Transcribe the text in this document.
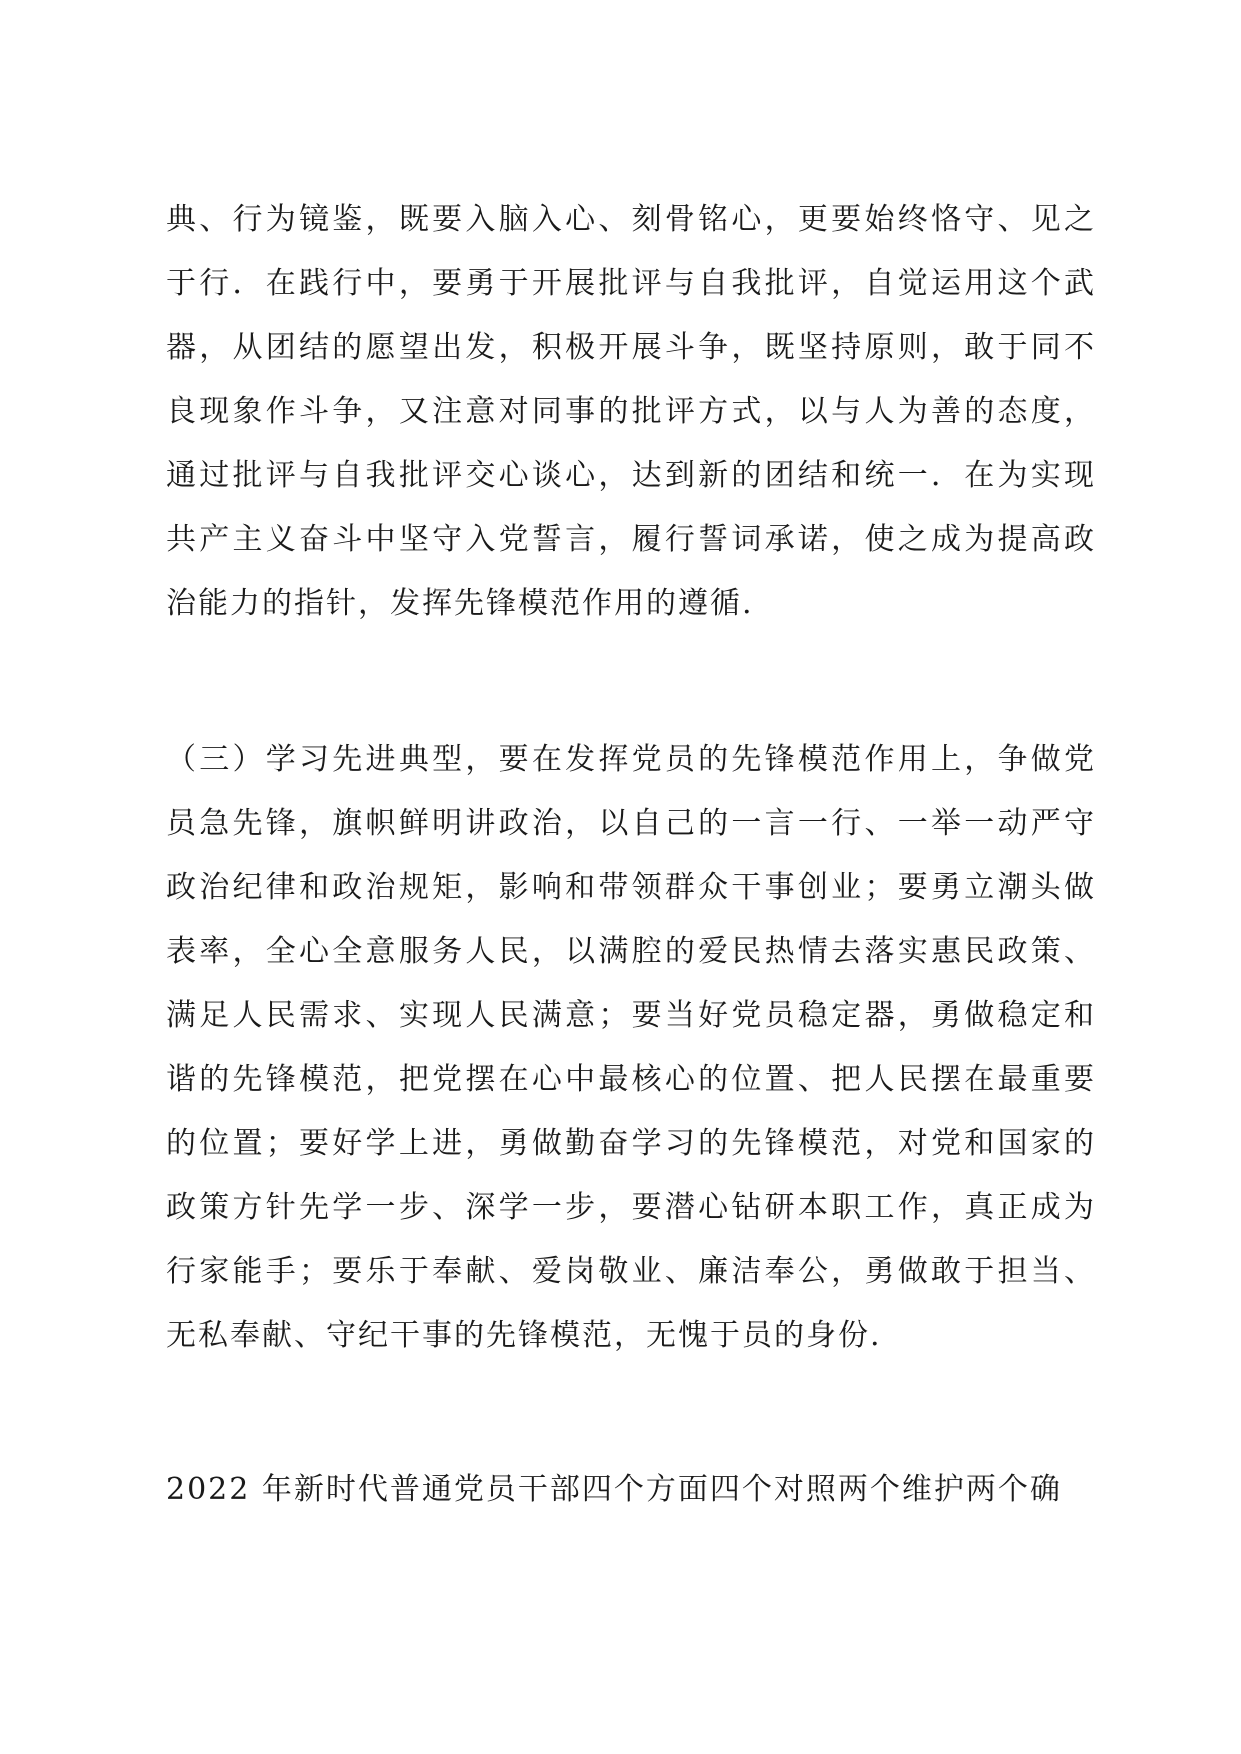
典、行为镜鉴，既要入脑入心、刻骨铭心，更要始终恪守、见之
于行．在践行中，要勇于开展批评与自我批评，自觉运用这个武
器，从团结的愿望出发，积极开展斗争，既坚持原则，敢于同不
良现象作斗争，又注意对同事的批评方式，以与人为善的态度，
通过批评与自我批评交心谈心，达到新的团结和统一．在为实现
共产主义奋斗中坚守入党誓言，履行誓词承诺，使之成为提高政
治能力的指针，发挥先锋模范作用的遵循.
（三）学习先进典型，要在发挥党员的先锋模范作用上，争做党
员急先锋，旗帜鲜明讲政治，以自己的一言一行、一举一动严守
政治纪律和政治规矩，影响和带领群众干事创业；要勇立潮头做
表率，全心全意服务人民，以满腔的爱民热情去落实惠民政策、
满足人民需求、实现人民满意；要当好党员稳定器，勇做稳定和
谐的先锋模范，把党摆在心中最核心的位置、把人民摆在最重要
的位置；要好学上进，勇做勤奋学习的先锋模范，对党和国家的
政策方针先学一步、深学一步，要潜心钻研本职工作，真正成为
行家能手；要乐于奉献、爱岗敬业、廉洁奉公，勇做敢于担当、
无私奉献、守纪干事的先锋模范，无愧于员的身份.
2022 年新时代普通党员干部四个方面四个对照两个维护两个确
